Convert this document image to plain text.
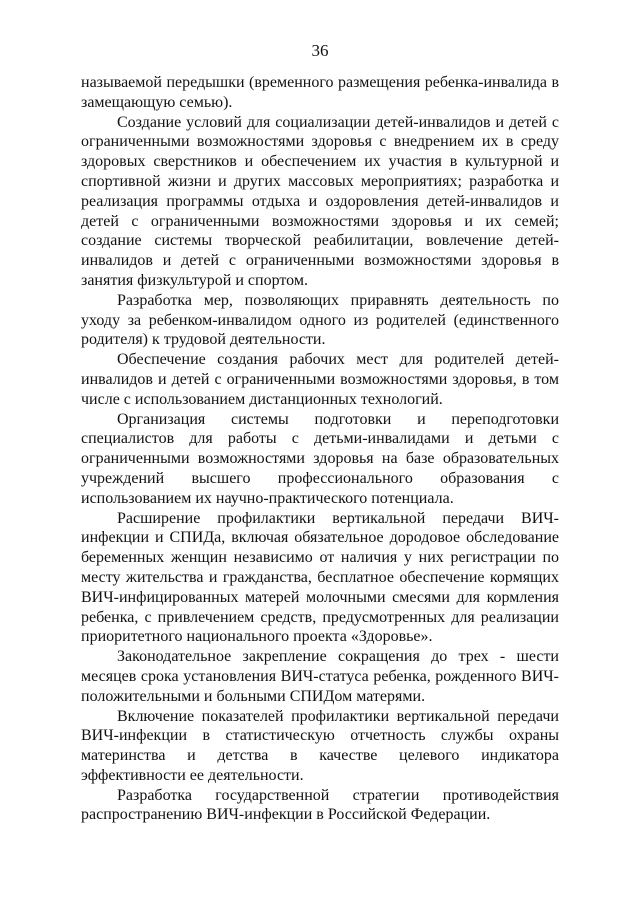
36

называемой передышки (временного размещения ребенка-инвалида в замещающую семью).

Создание условий для социализации детей-инвалидов и детей с ограниченными возможностями здоровья с внедрением их в среду здоровых сверстников и обеспечением их участия в культурной и спортивной жизни и других массовых мероприятиях; разработка и реализация программы отдыха и оздоровления детей-инвалидов и детей с ограниченными возможностями здоровья и их семей; создание системы творческой реабилитации, вовлечение детей-инвалидов и детей с ограниченными возможностями здоровья в занятия физкультурой и спортом.

Разработка мер, позволяющих приравнять деятельность по уходу за ребенком-инвалидом одного из родителей (единственного родителя) к трудовой деятельности.

Обеспечение создания рабочих мест для родителей детей-инвалидов и детей с ограниченными возможностями здоровья, в том числе с использованием дистанционных технологий.

Организация системы подготовки и переподготовки специалистов для работы с детьми-инвалидами и детьми с ограниченными возможностями здоровья на базе образовательных учреждений высшего профессионального образования с использованием их научно-практического потенциала.

Расширение профилактики вертикальной передачи ВИЧ-инфекции и СПИДа, включая обязательное дородовое обследование беременных женщин независимо от наличия у них регистрации по месту жительства и гражданства, бесплатное обеспечение кормящих ВИЧ-инфицированных матерей молочными смесями для кормления ребенка, с привлечением средств, предусмотренных для реализации приоритетного национального проекта «Здоровье».

Законодательное закрепление сокращения до трех - шести месяцев срока установления ВИЧ-статуса ребенка, рожденного ВИЧ-положительными и больными СПИДом матерями.

Включение показателей профилактики вертикальной передачи ВИЧ-инфекции в статистическую отчетность службы охраны материнства и детства в качестве целевого индикатора эффективности ее деятельности.

Разработка государственной стратегии противодействия распространению ВИЧ-инфекции в Российской Федерации.
